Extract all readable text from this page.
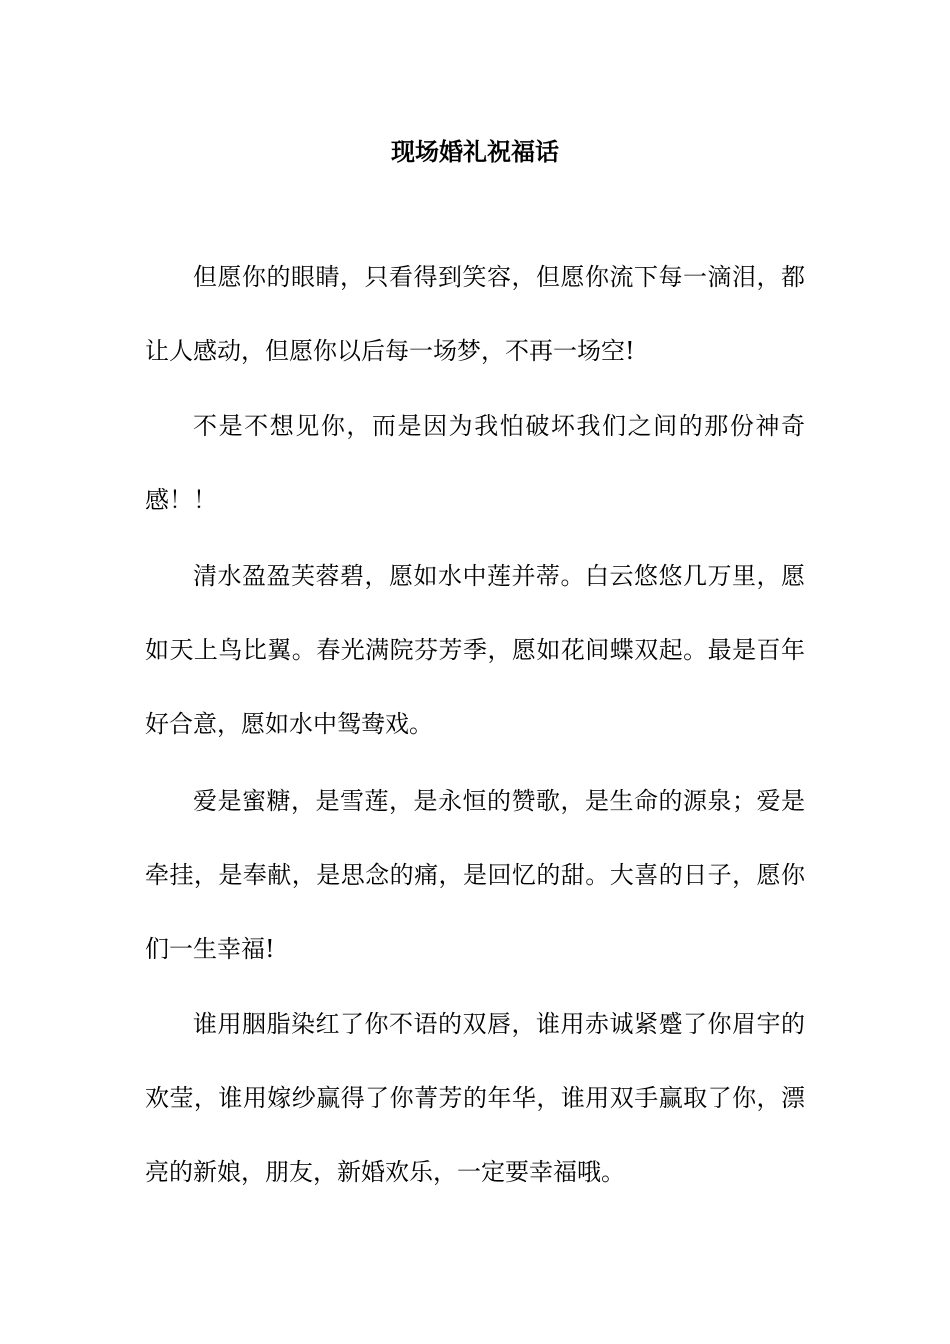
现场婚礼祝福话

但愿你的眼睛，只看得到笑容，但愿你流下每一滴泪，都让人感动，但愿你以后每一场梦，不再一场空!

不是不想见你，而是因为我怕破坏我们之间的那份神奇感！！

清水盈盈芙蓉碧，愿如水中莲并蒂。白云悠悠几万里，愿如天上鸟比翼。春光满院芬芳季，愿如花间蝶双起。最是百年好合意，愿如水中鸳鸯戏。

爱是蜜糖，是雪莲，是永恒的赞歌，是生命的源泉；爱是牵挂，是奉献，是思念的痛，是回忆的甜。大喜的日子，愿你们一生幸福!

谁用胭脂染红了你不语的双唇，谁用赤诚紧蹙了你眉宇的欢莹，谁用嫁纱赢得了你菁芳的年华，谁用双手赢取了你，漂亮的新娘，朋友，新婚欢乐，一定要幸福哦。
